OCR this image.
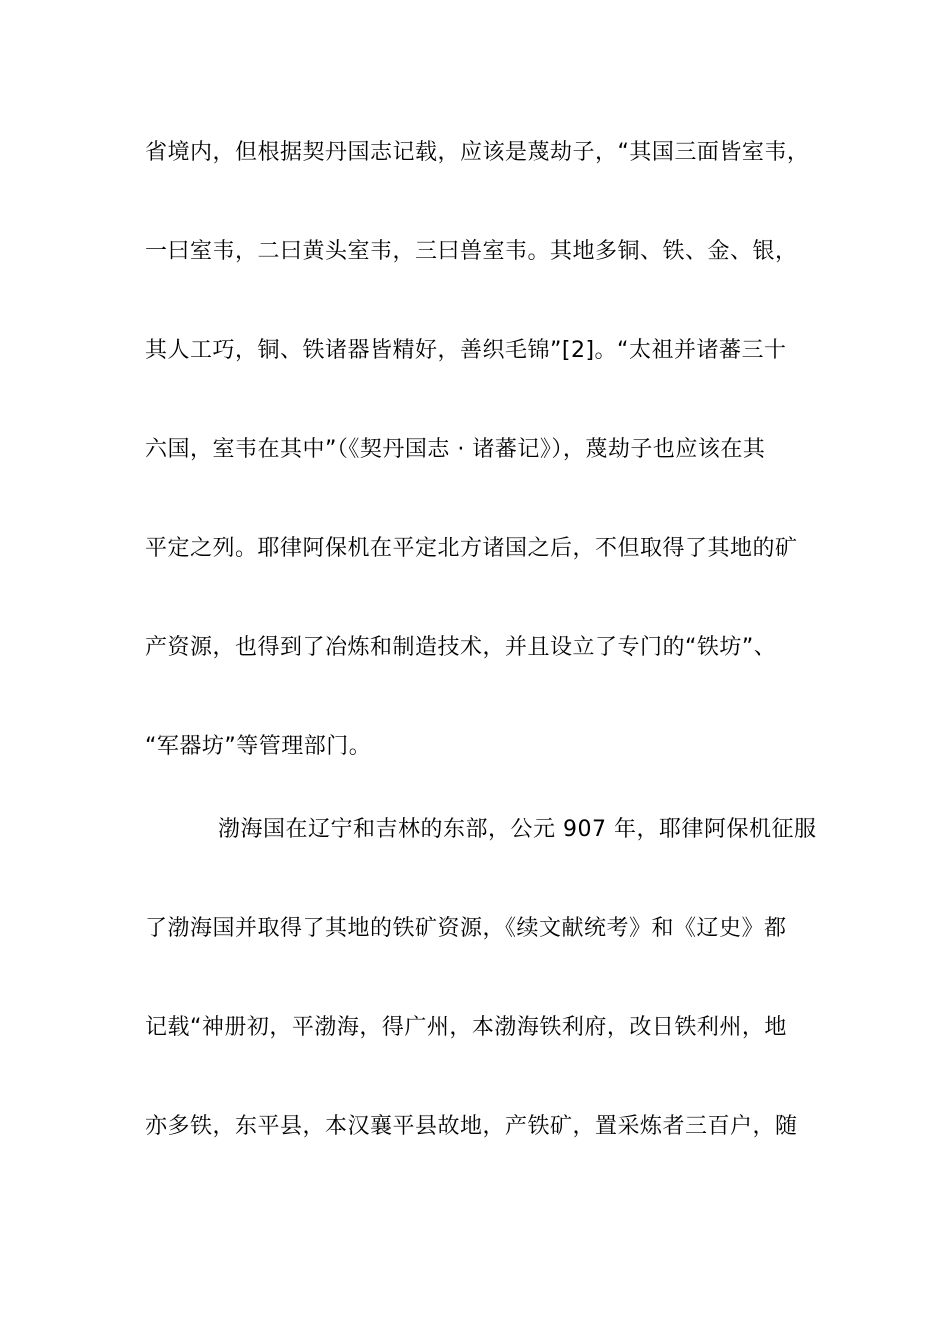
省境内，但根据契丹国志记载，应该是蔑劫子，“其国三面皆室韦，
一曰室韦，二曰黄头室韦，三曰兽室韦。其地多铜、铁、金、银，
其人工巧，铜、铁诸器皆精好，善织毛锦”[2]。“太祖并诸蕃三十
六国，室韦在其中”（《契丹国志 · 诸蕃记》），蔑劫子也应该在其
平定之列。耶律阿保机在平定北方诸国之后，不但取得了其地的矿
产资源，也得到了冶炼和制造技术，并且设立了专门的“铁坊”、
“军器坊”等管理部门。
渤海国在辽宁和吉林的东部，公元 907 年，耶律阿保机征服
了渤海国并取得了其地的铁矿资源，《续文献统考》和《辽史》都
记载“神册初，平渤海，得广州，本渤海铁利府，改日铁利州，地
亦多铁，东平县，本汉襄平县故地，产铁矿，置采炼者三百户，随
